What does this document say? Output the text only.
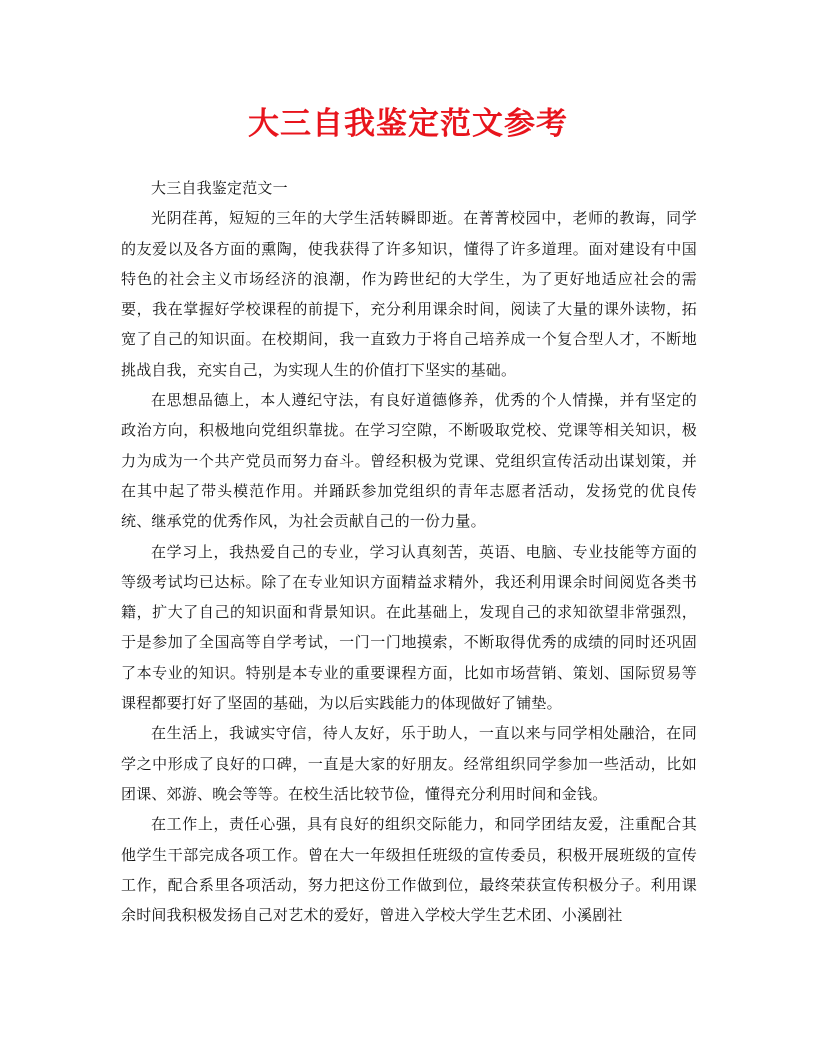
大三自我鉴定范文参考

大三自我鉴定范文一

光阴荏苒，短短的三年的大学生活转瞬即逝。在菁菁校园中，老师的教诲，同学的友爱以及各方面的熏陶，使我获得了许多知识，懂得了许多道理。面对建设有中国特色的社会主义市场经济的浪潮，作为跨世纪的大学生，为了更好地适应社会的需要，我在掌握好学校课程的前提下，充分利用课余时间，阅读了大量的课外读物，拓宽了自己的知识面。在校期间，我一直致力于将自己培养成一个复合型人才，不断地挑战自我，充实自己，为实现人生的价值打下坚实的基础。

在思想品德上，本人遵纪守法，有良好道德修养，优秀的个人情操，并有坚定的政治方向，积极地向党组织靠拢。在学习空隙，不断吸取党校、党课等相关知识，极力为成为一个共产党员而努力奋斗。曾经积极为党课、党组织宣传活动出谋划策，并在其中起了带头模范作用。并踊跃参加党组织的青年志愿者活动，发扬党的优良传统、继承党的优秀作风，为社会贡献自己的一份力量。

在学习上，我热爱自己的专业，学习认真刻苦，英语、电脑、专业技能等方面的等级考试均已达标。除了在专业知识方面精益求精外，我还利用课余时间阅览各类书籍，扩大了自己的知识面和背景知识。在此基础上，发现自己的求知欲望非常强烈，于是参加了全国高等自学考试，一门一门地摸索，不断取得优秀的成绩的同时还巩固了本专业的知识。特别是本专业的重要课程方面，比如市场营销、策划、国际贸易等课程都要打好了坚固的基础，为以后实践能力的体现做好了铺垫。

在生活上，我诚实守信，待人友好，乐于助人，一直以来与同学相处融洽，在同学之中形成了良好的口碑，一直是大家的好朋友。经常组织同学参加一些活动，比如团课、郊游、晚会等等。在校生活比较节俭，懂得充分利用时间和金钱。

在工作上，责任心强，具有良好的组织交际能力，和同学团结友爱，注重配合其他学生干部完成各项工作。曾在大一年级担任班级的宣传委员，积极开展班级的宣传工作，配合系里各项活动，努力把这份工作做到位，最终荣获宣传积极分子。利用课余时间我积极发扬自己对艺术的爱好，曾进入学校大学生艺术团、小溪剧社
